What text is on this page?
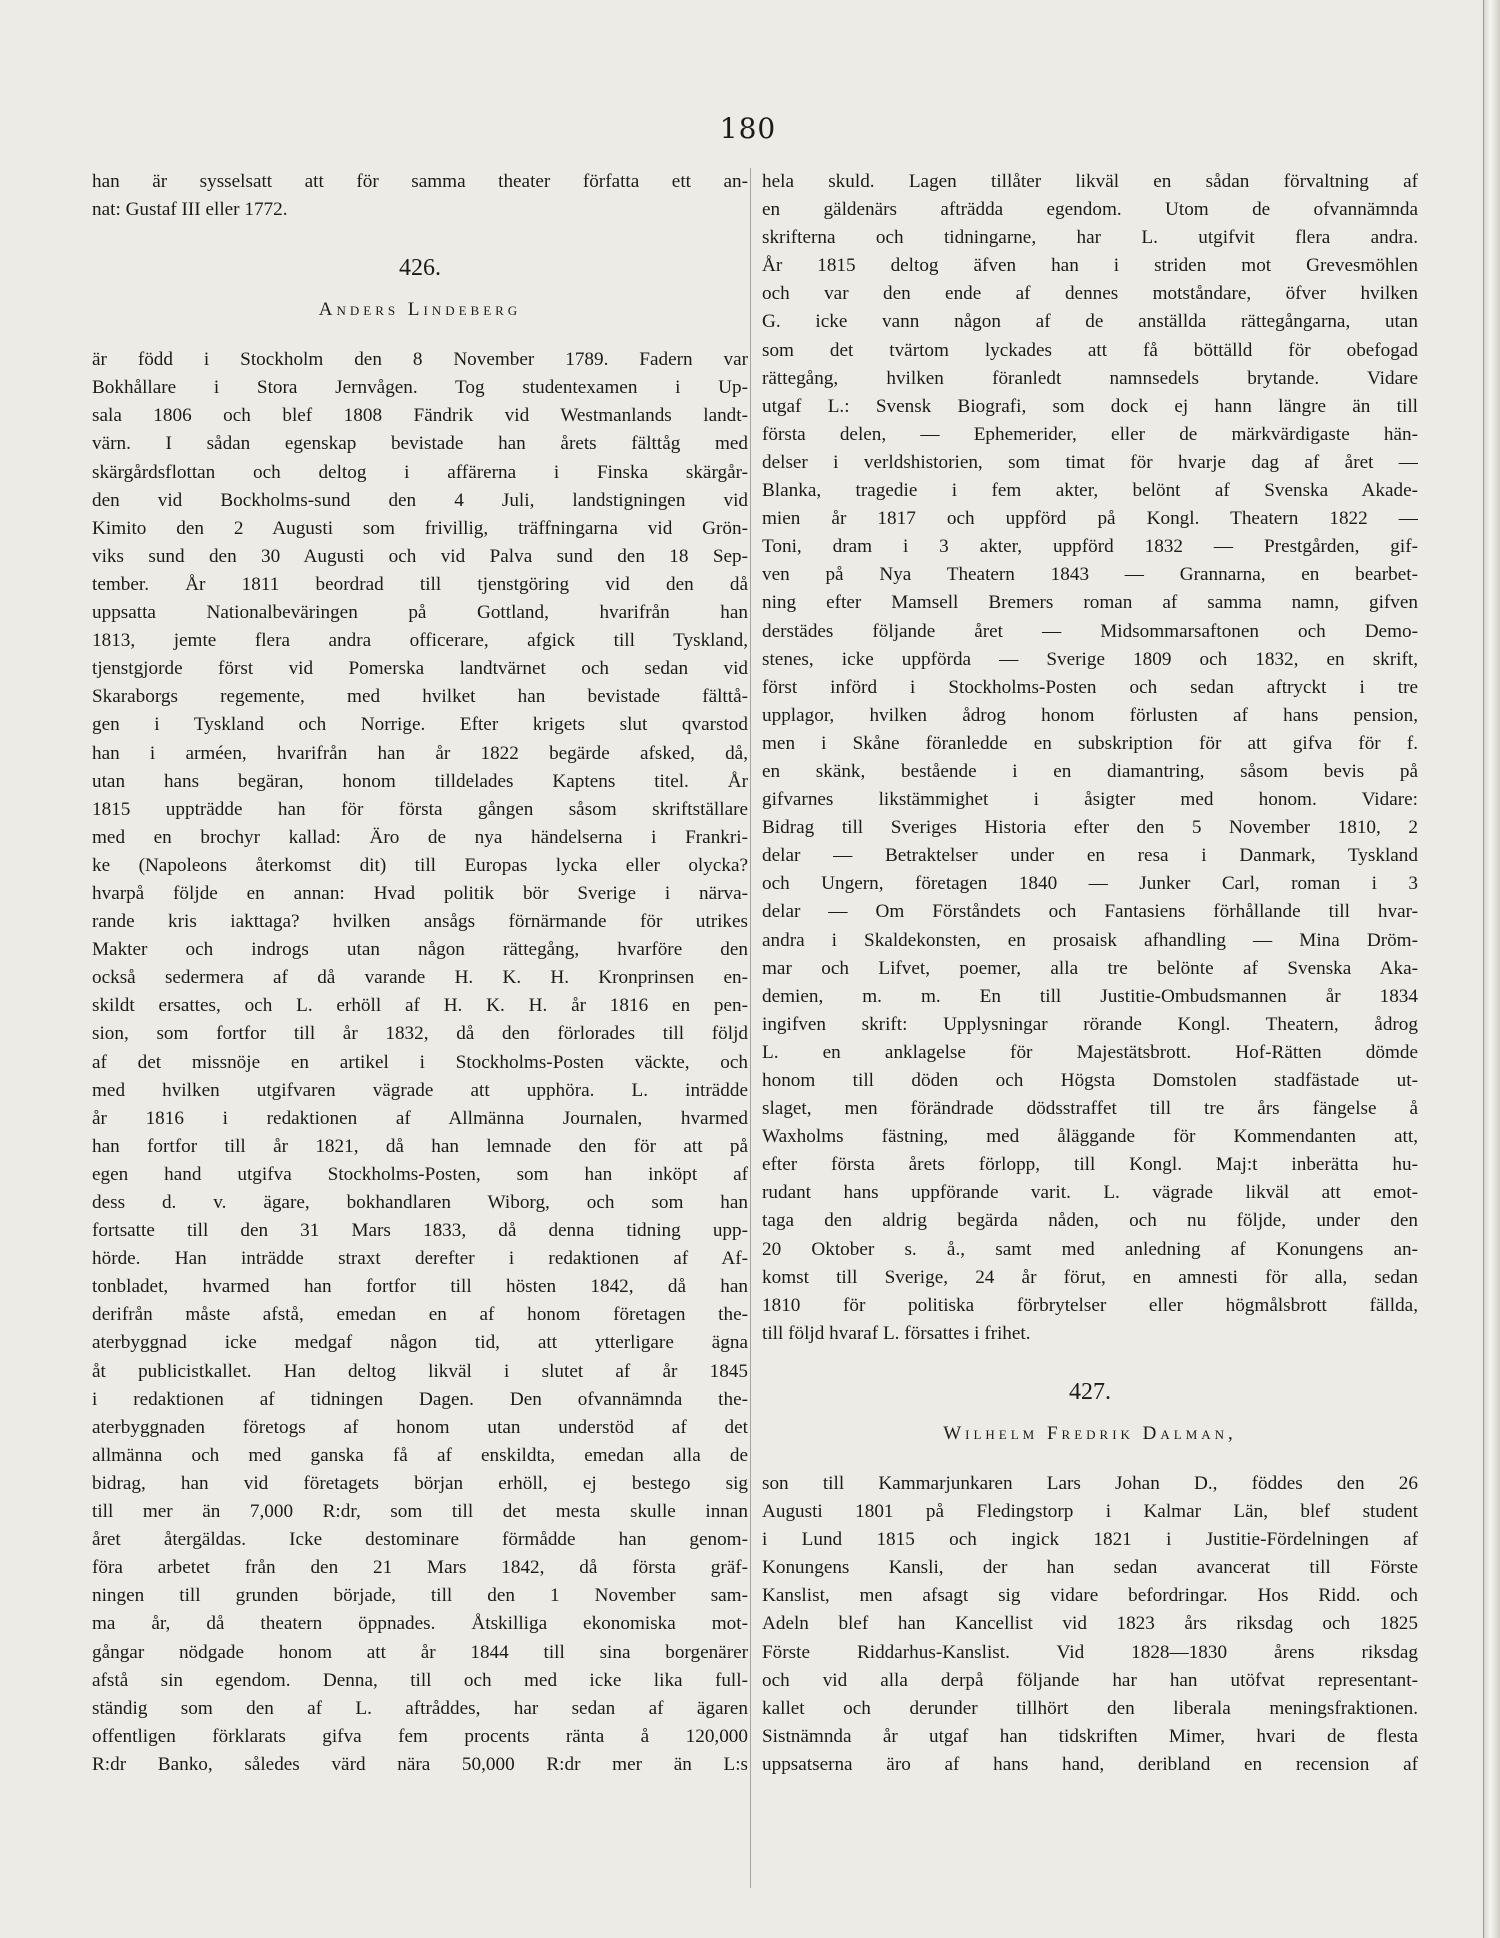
180
han är sysselsatt att för samma theater författa ett an-
nat: Gustaf III eller 1772.
426.
Anders Lindeberg
är född i Stockholm den 8 November 1789. Fadern var
Bokhållare i Stora Jernvågen. Tog studentexamen i Up-
sala 1806 och blef 1808 Fändrik vid Westmanlands landt-
värn. I sådan egenskap bevistade han årets fälttåg med
skärgårdsflottan och deltog i affärerna i Finska skärgår-
den vid Bockholms-sund den 4 Juli, landstigningen vid
Kimito den 2 Augusti som frivillig, träffningarna vid Grön-
viks sund den 30 Augusti och vid Palva sund den 18 Sep-
tember. År 1811 beordrad till tjenstgöring vid den då
uppsatta Nationalbeväringen på Gottland, hvarifrån han
1813, jemte flera andra officerare, afgick till Tyskland,
tjenstgjorde först vid Pomerska landtvärnet och sedan vid
Skaraborgs regemente, med hvilket han bevistade fälttå-
gen i Tyskland och Norrige. Efter krigets slut qvarstod
han i arméen, hvarifrån han år 1822 begärde afsked, då,
utan hans begäran, honom tilldelades Kaptens titel. År
1815 uppträdde han för första gången såsom skriftställare
med en brochyr kallad: Äro de nya händelserna i Frankri-
ke (Napoleons återkomst dit) till Europas lycka eller olycka?
hvarpå följde en annan: Hvad politik bör Sverige i närva-
rande kris iakttaga? hvilken ansågs förnärmande för utrikes
Makter och indrogs utan någon rättegång, hvarföre den
också sedermera af då varande H. K. H. Kronprinsen en-
skildt ersattes, och L. erhöll af H. K. H. år 1816 en pen-
sion, som fortfor till år 1832, då den förlorades till följd
af det missnöje en artikel i Stockholms-Posten väckte, och
med hvilken utgifvaren vägrade att upphöra. L. inträdde
år 1816 i redaktionen af Allmänna Journalen, hvarmed
han fortfor till år 1821, då han lemnade den för att på
egen hand utgifva Stockholms-Posten, som han inköpt af
dess d. v. ägare, bokhandlaren Wiborg, och som han
fortsatte till den 31 Mars 1833, då denna tidning upp-
hörde. Han inträdde straxt derefter i redaktionen af Af-
tonbladet, hvarmed han fortfor till hösten 1842, då han
derifrån måste afstå, emedan en af honom företagen the-
aterbyggnad icke medgaf någon tid, att ytterligare ägna
åt publicistkallet. Han deltog likväl i slutet af år 1845
i redaktionen af tidningen Dagen. Den ofvannämnda the-
aterbyggnaden företogs af honom utan understöd af det
allmänna och med ganska få af enskildta, emedan alla de
bidrag, han vid företagets början erhöll, ej bestego sig
till mer än 7,000 R:dr, som till det mesta skulle innan
året återgäldas. Icke destominare förmådde han genom-
föra arbetet från den 21 Mars 1842, då första gräf-
ningen till grunden började, till den 1 November sam-
ma år, då theatern öppnades. Åtskilliga ekonomiska mot-
gångar nödgade honom att år 1844 till sina borgenärer
afstå sin egendom. Denna, till och med icke lika full-
ständig som den af L. aftråddes, har sedan af ägaren
offentligen förklarats gifva fem procents ränta å 120,000
R:dr Banko, således värd nära 50,000 R:dr mer än L:s
hela skuld. Lagen tillåter likväl en sådan förvaltning af
en gäldenärs afträdda egendom. Utom de ofvannämnda
skrifterna och tidningarne, har L. utgifvit flera andra.
År 1815 deltog äfven han i striden mot Grevesmöhlen
och var den ende af dennes motståndare, öfver hvilken
G. icke vann någon af de anställda rättegångarna, utan
som det tvärtom lyckades att få böttälld för obefogad
rättegång, hvilken föranledt namnsedels brytande. Vidare
utgaf L.: Svensk Biografi, som dock ej hann längre än till
första delen, — Ephemerider, eller de märkvärdigaste hän-
delser i verldshistorien, som timat för hvarje dag af året —
Blanka, tragedie i fem akter, belönt af Svenska Akade-
mien år 1817 och uppförd på Kongl. Theatern 1822 —
Toni, dram i 3 akter, uppförd 1832 — Prestgården, gif-
ven på Nya Theatern 1843 — Grannarna, en bearbet-
ning efter Mamsell Bremers roman af samma namn, gifven
derstädes följande året — Midsommarsaftonen och Demo-
stenes, icke uppförda — Sverige 1809 och 1832, en skrift,
först införd i Stockholms-Posten och sedan aftryckt i tre
upplagor, hvilken ådrog honom förlusten af hans pension,
men i Skåne föranledde en subskription för att gifva för f.
en skänk, bestående i en diamantring, såsom bevis på
gifvarnes likstämmighet i åsigter med honom. Vidare:
Bidrag till Sveriges Historia efter den 5 November 1810, 2
delar — Betraktelser under en resa i Danmark, Tyskland
och Ungern, företagen 1840 — Junker Carl, roman i 3
delar — Om Förståndets och Fantasiens förhållande till hvar-
andra i Skaldekonsten, en prosaisk afhandling — Mina Dröm-
mar och Lifvet, poemer, alla tre belönte af Svenska Aka-
demien, m. m. En till Justitie-Ombudsmannen år 1834
ingifven skrift: Upplysningar rörande Kongl. Theatern, ådrog
L. en anklagelse för Majestätsbrott. Hof-Rätten dömde
honom till döden och Högsta Domstolen stadfästade ut-
slaget, men förändrade dödsstraffet till tre års fängelse å
Waxholms fästning, med åläggande för Kommendanten att,
efter första årets förlopp, till Kongl. Maj:t inberätta hu-
rudant hans uppförande varit. L. vägrade likväl att emot-
taga den aldrig begärda nåden, och nu följde, under den
20 Oktober s. å., samt med anledning af Konungens an-
komst till Sverige, 24 år förut, en amnesti för alla, sedan
1810 för politiska förbrytelser eller högmålsbrott fällda,
till följd hvaraf L. försattes i frihet.
427.
Wilhelm Fredrik Dalman,
son till Kammarjunkaren Lars Johan D., föddes den 26
Augusti 1801 på Fledingstorp i Kalmar Län, blef student
i Lund 1815 och ingick 1821 i Justitie-Fördelningen af
Konungens Kansli, der han sedan avancerat till Förste
Kanslist, men afsagt sig vidare befordringar. Hos Ridd. och
Adeln blef han Kancellist vid 1823 års riksdag och 1825
Förste Riddarhus-Kanslist. Vid 1828—1830 årens riksdag
och vid alla derpå följande har han utöfvat representant-
kallet och derunder tillhört den liberala meningsfraktionen.
Sistnämnda år utgaf han tidskriften Mimer, hvari de flesta
uppsatserna äro af hans hand, deribland en recension af
